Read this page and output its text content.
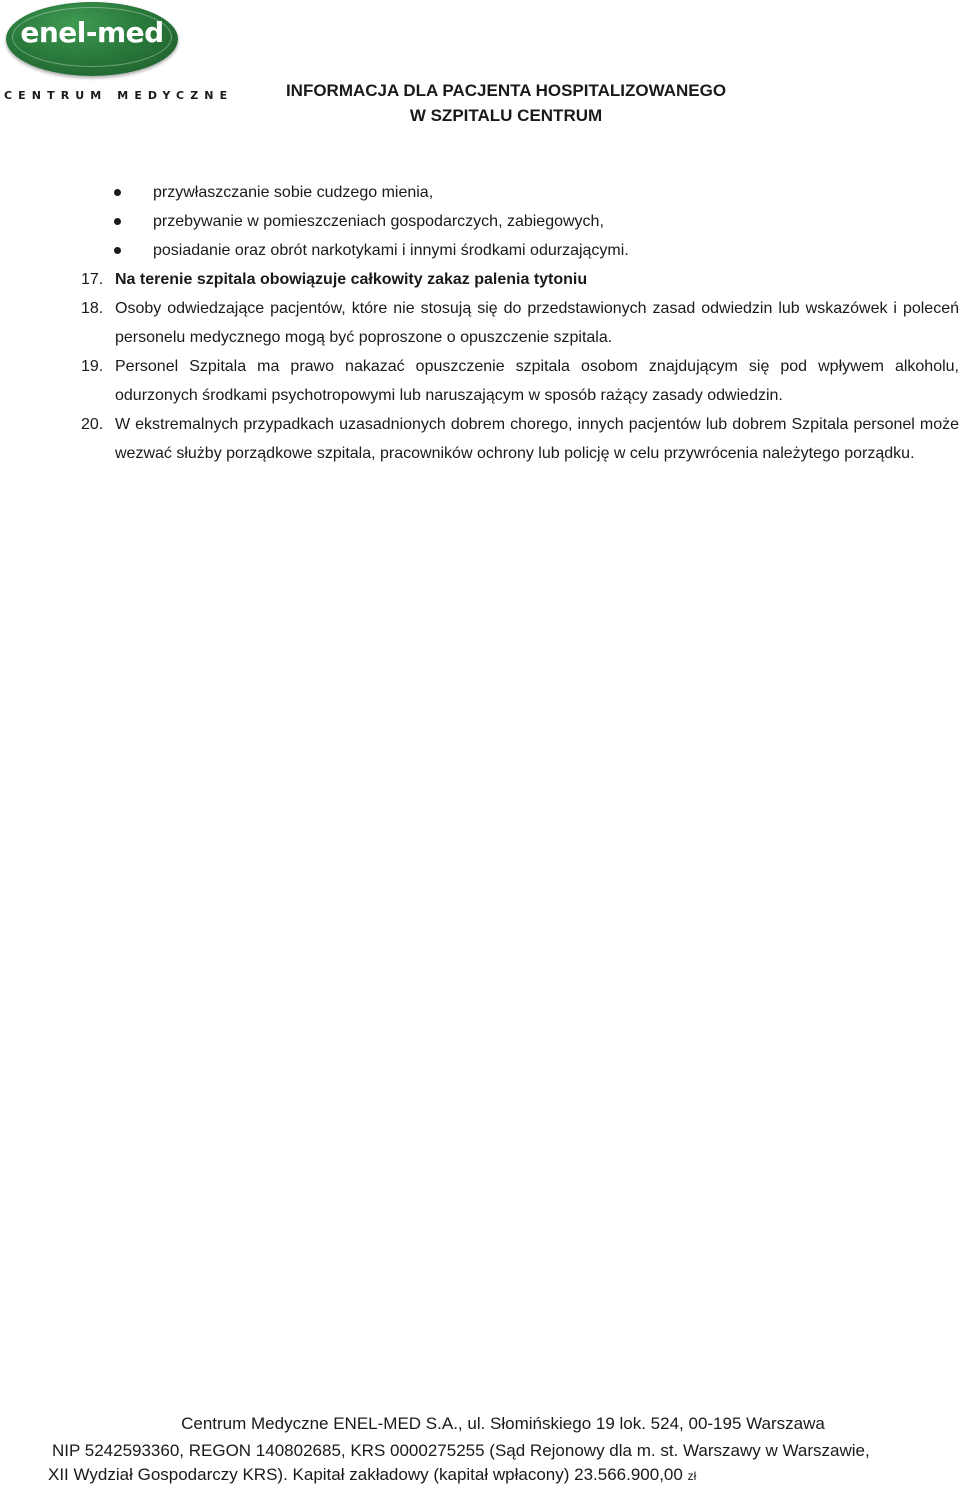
enel-med
CENTRUM MEDYCZNE	INFORMACJA DLA PACJENTA HOSPITALIZOWANEGO
W SZPITALU CENTRUM
przywłaszczanie sobie cudzego mienia,
przebywanie w pomieszczeniach gospodarczych, zabiegowych,
posiadanie oraz obrót narkotykami i innymi środkami odurzającymi.
17. Na terenie szpitala obowiązuje całkowity zakaz palenia tytoniu
18. Osoby odwiedzające pacjentów, które nie stosują się do przedstawionych zasad odwiedzin lub wskazówek i poleceń personelu medycznego mogą być poproszone o opuszczenie szpitala.
19. Personel Szpitala ma prawo nakazać opuszczenie szpitala osobom znajdującym się pod wpływem alkoholu, odurzonych środkami psychotropowymi lub naruszającym w sposób rażący zasady odwiedzin.
20. W ekstremalnych przypadkach uzasadnionych dobrem chorego, innych pacjentów lub dobrem Szpitala personel może wezwać służby porządkowe szpitala, pracowników ochrony lub policję w celu przywrócenia należytego porządku.
Centrum Medyczne ENEL-MED S.A., ul. Słomińskiego 19 lok. 524, 00-195 Warszawa
NIP 5242593360, REGON 140802685, KRS 0000275255 (Sąd Rejonowy dla m. st. Warszawy w Warszawie,
XII Wydział Gospodarczy KRS). Kapitał zakładowy (kapitał wpłacony) 23.566.900,00 zł
